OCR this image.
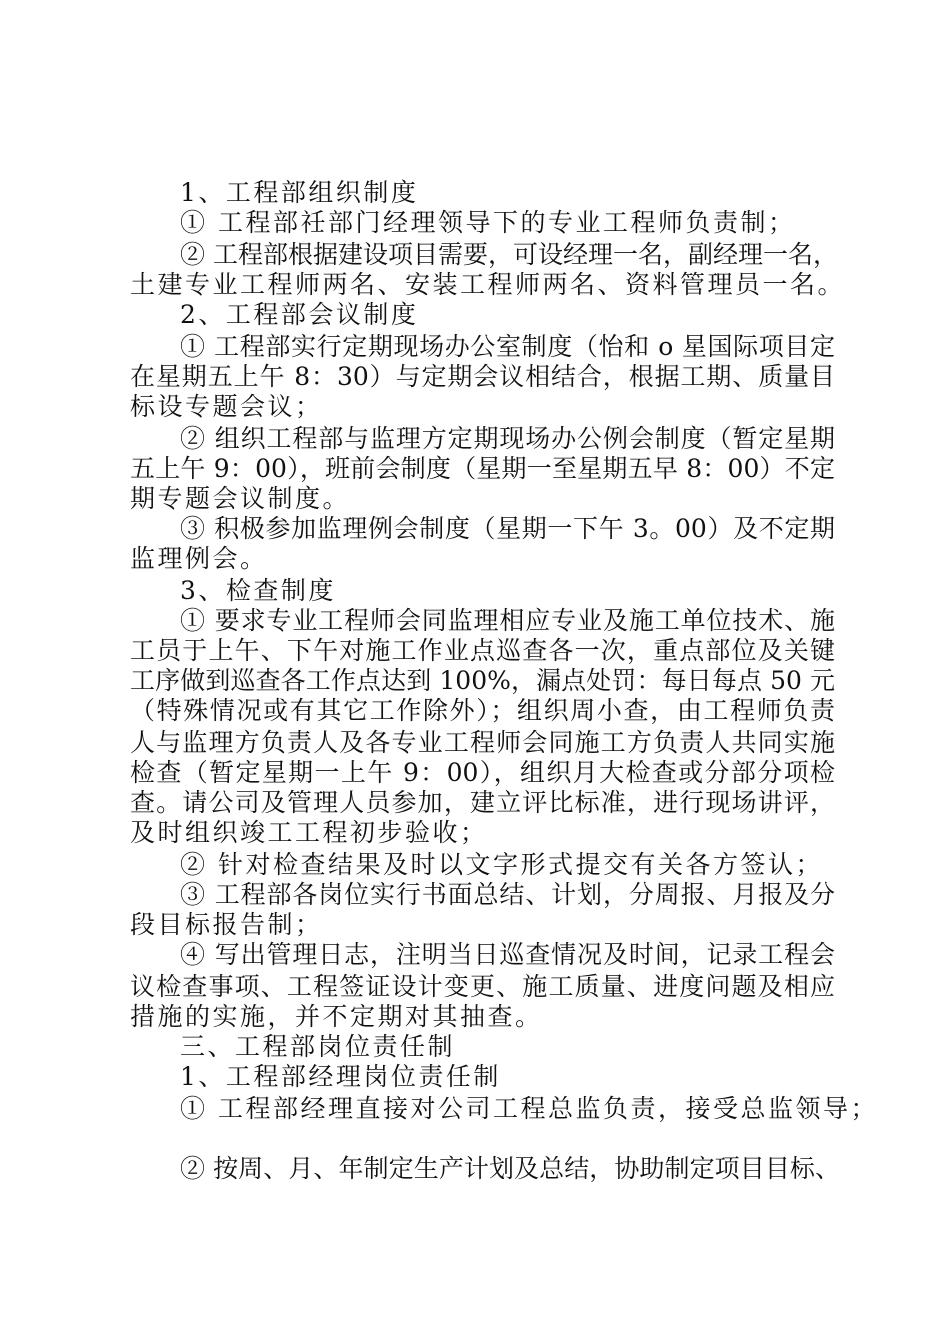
1、工程部组织制度
① 工程部祍部门经理领导下的专业工程师负责制；
② 工程部根据建设项目需要，可设经理一名，副经理一名，
土建专业工程师两名、安装工程师两名、资料管理员一名。
2、工程部会议制度
① 工程部实行定期现场办公室制度（怡和 o 星国际项目定
在星期五上午 8：30）与定期会议相结合，根据工期、质量目
标设专题会议；
② 组织工程部与监理方定期现场办公例会制度（暂定星期
五上午 9：00），班前会制度（星期一至星期五早 8：00）不定
期专题会议制度。
③ 积极参加监理例会制度（星期一下午 3。00）及不定期
监理例会。
3、检查制度
① 要求专业工程师会同监理相应专业及施工单位技术、施
工员于上午、下午对施工作业点巡查各一次，重点部位及关键
工序做到巡查各工作点达到 100%，漏点处罚：每日每点 50 元
（特殊情况或有其它工作除外）；组织周小查，由工程师负责
人与监理方负责人及各专业工程师会同施工方负责人共同实施
检查（暂定星期一上午 9：00），组织月大检查或分部分项检
查。请公司及管理人员参加，建立评比标准，进行现场讲评，
及时组织竣工工程初步验收；
② 针对检查结果及时以文字形式提交有关各方签认；
③ 工程部各岗位实行书面总结、计划，分周报、月报及分
段目标报告制；
④ 写出管理日志，注明当日巡查情况及时间，记录工程会
议检查事项、工程签证设计变更、施工质量、进度问题及相应
措施的实施，并不定期对其抽查。
三、工程部岗位责任制
1、工程部经理岗位责任制
① 工程部经理直接对公司工程总监负责，接受总监领导；
② 按周、月、年制定生产计划及总结，协助制定项目目标、
